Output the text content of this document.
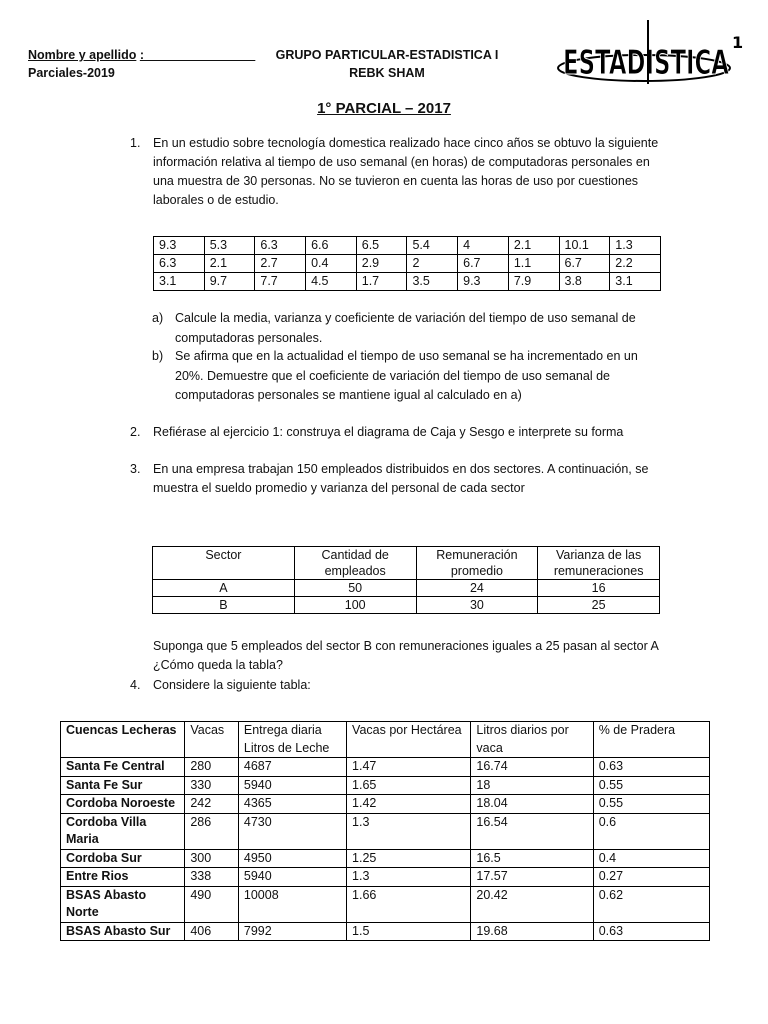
Nombre y apellido :________________
Parciales-2019
GRUPO PARTICULAR-ESTADISTICA I
REBK SHAM	ESTADISTICA
1
1° PARCIAL – 2017
1. En un estudio sobre tecnología domestica realizado hace cinco años se obtuvo la siguiente información relativa al tiempo de uso semanal (en horas) de computadoras personales en una muestra de 30 personas. No se tuvieron en cuenta las horas de uso por cuestiones laborales o de estudio.
9.3	5.3	6.3	6.6	6.5	5.4	4	2.1	10.1	1.3
6.3	2.1	2.7	0.4	2.9	2	6.7	1.1	6.7	2.2
3.1	9.7	7.7	4.5	1.7	3.5	9.3	7.9	3.8	3.1
a) Calcule la media, varianza y coeficiente de variación del tiempo de uso semanal de computadoras personales.
b) Se afirma que en la actualidad el tiempo de uso semanal se ha incrementado en un 20%. Demuestre que el coeficiente de variación del tiempo de uso semanal de computadoras personales se mantiene igual al calculado en a)
2. Refiérase al ejercicio 1: construya el diagrama de Caja y Sesgo e interprete su forma
3. En una empresa trabajan 150 empleados distribuidos en dos sectores. A continuación, se muestra el sueldo promedio y varianza del personal de cada sector
Sector	Cantidad de empleados	Remuneración promedio	Varianza de las remuneraciones
A	50	24	16
B	100	30	25
Suponga que 5 empleados del sector B con remuneraciones iguales a 25 pasan al sector A ¿Cómo queda la tabla?
4. Considere la siguiente tabla:
Cuencas Lecheras	Vacas	Entrega diaria Litros de Leche	Vacas por Hectárea	Litros diarios por vaca	% de Pradera
Santa Fe Central	280	4687	1.47	16.74	0.63
Santa Fe Sur	330	5940	1.65	18	0.55
Cordoba Noroeste	242	4365	1.42	18.04	0.55
Cordoba Villa Maria	286	4730	1.3	16.54	0.6
Cordoba Sur	300	4950	1.25	16.5	0.4
Entre Rios	338	5940	1.3	17.57	0.27
BSAS Abasto Norte	490	10008	1.66	20.42	0.62
BSAS Abasto Sur	406	7992	1.5	19.68	0.63
